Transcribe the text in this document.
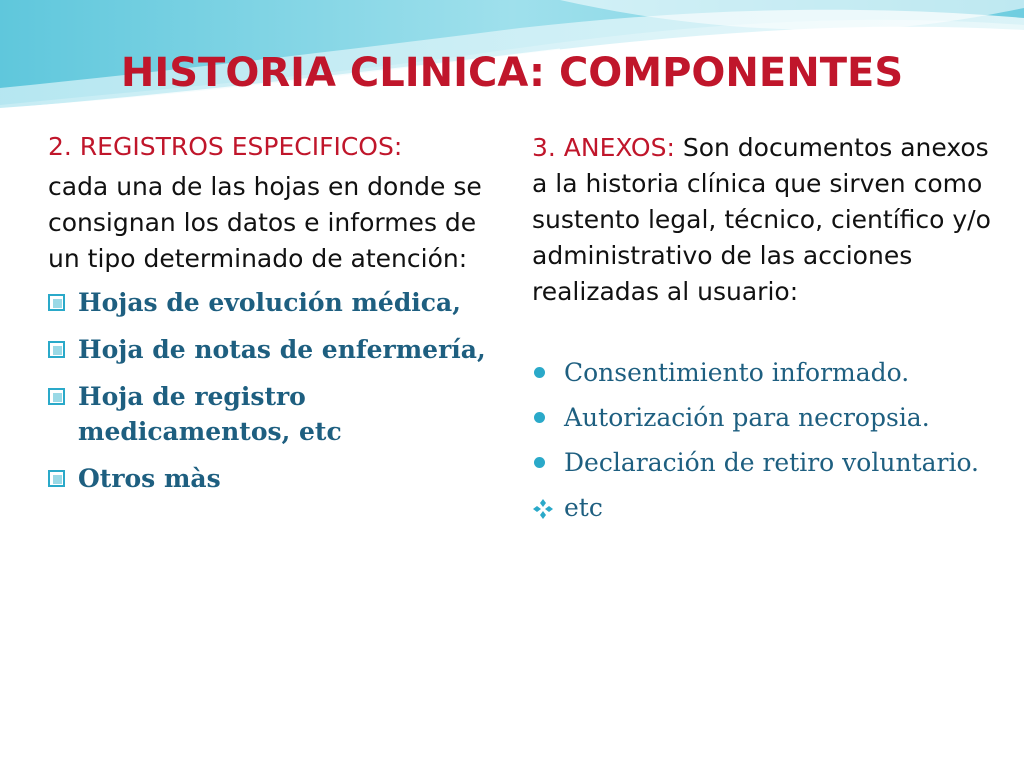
HISTORIA CLINICA: COMPONENTES

2. REGISTROS ESPECIFICOS:

cada una de las hojas en donde se consignan los datos e informes de un tipo determinado de atención:

Hojas de evolución médica,
Hoja de notas de enfermería,
Hoja de registro medicamentos, etc
Otros màs

3. ANEXOS: Son documentos anexos a la historia clínica que sirven como sustento legal, técnico, científico y/o administrativo de las acciones realizadas al usuario:

Consentimiento informado.
Autorización para necropsia.
Declaración de retiro voluntario.
etc
